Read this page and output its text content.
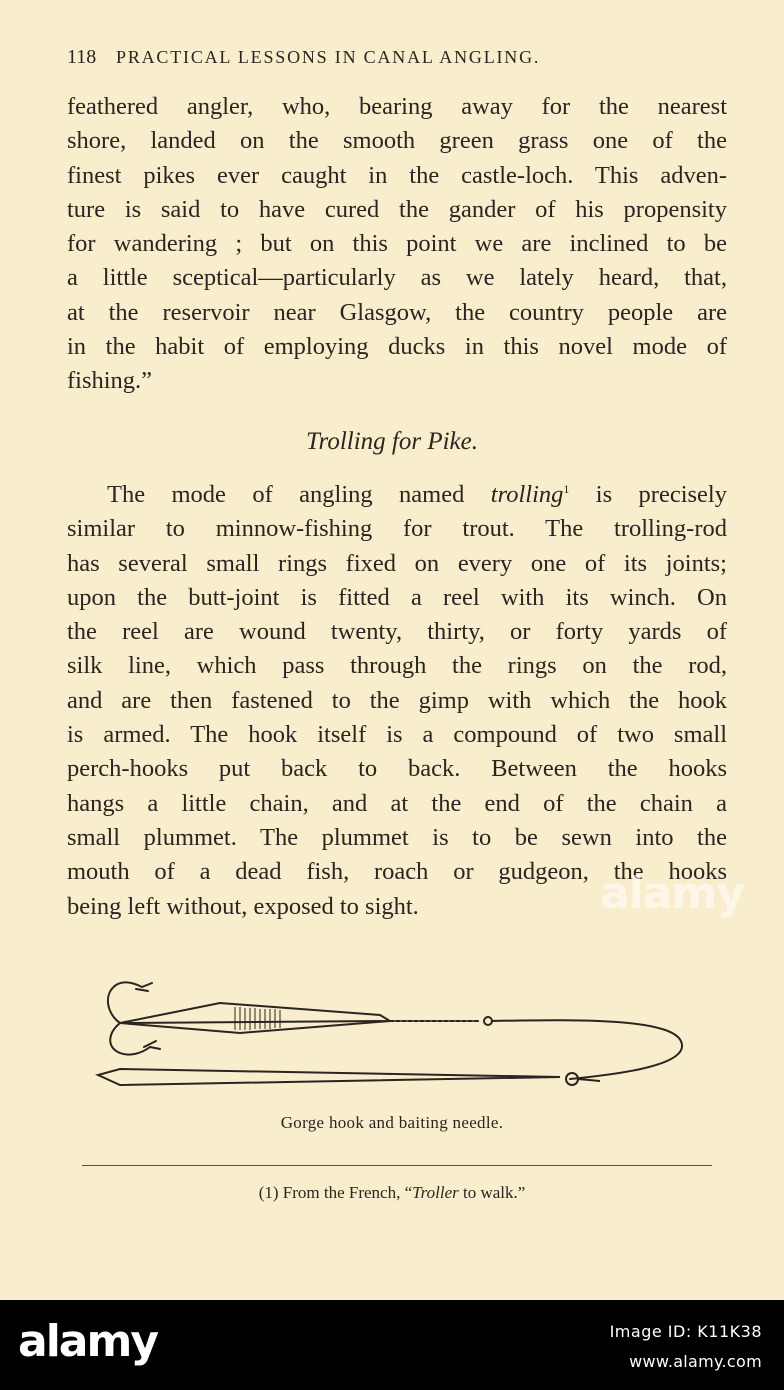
118 PRACTICAL LESSONS IN CANAL ANGLING.
feathered angler, who, bearing away for the nearest
shore, landed on the smooth green grass one of the
finest pikes ever caught in the castle-loch. This adven-
ture is said to have cured the gander of his propensity
for wandering ; but on this point we are inclined to be
a little sceptical—particularly as we lately heard, that,
at the reservoir near Glasgow, the country people are
in the habit of employing ducks in this novel mode of
fishing.”
Trolling for Pike.
The mode of angling named trolling$^1$ is precisely
similar to minnow-fishing for trout. The trolling-rod
has several small rings fixed on every one of its joints;
upon the butt-joint is fitted a reel with its winch. On
the reel are wound twenty, thirty, or forty yards of
silk line, which pass through the rings on the rod,
and are then fastened to the gimp with which the hook
is armed. The hook itself is a compound of two small
perch-hooks put back to back. Between the hooks
hangs a little chain, and at the end of the chain a
small plummet. The plummet is to be sewn into the
mouth of a dead fish, roach or gudgeon, the hooks
being left without, exposed to sight.	alamy
Gorge hook and baiting needle.
(1) From the French, “Troller to walk.”
alamy	Image ID: K11K38
www.alamy.com
